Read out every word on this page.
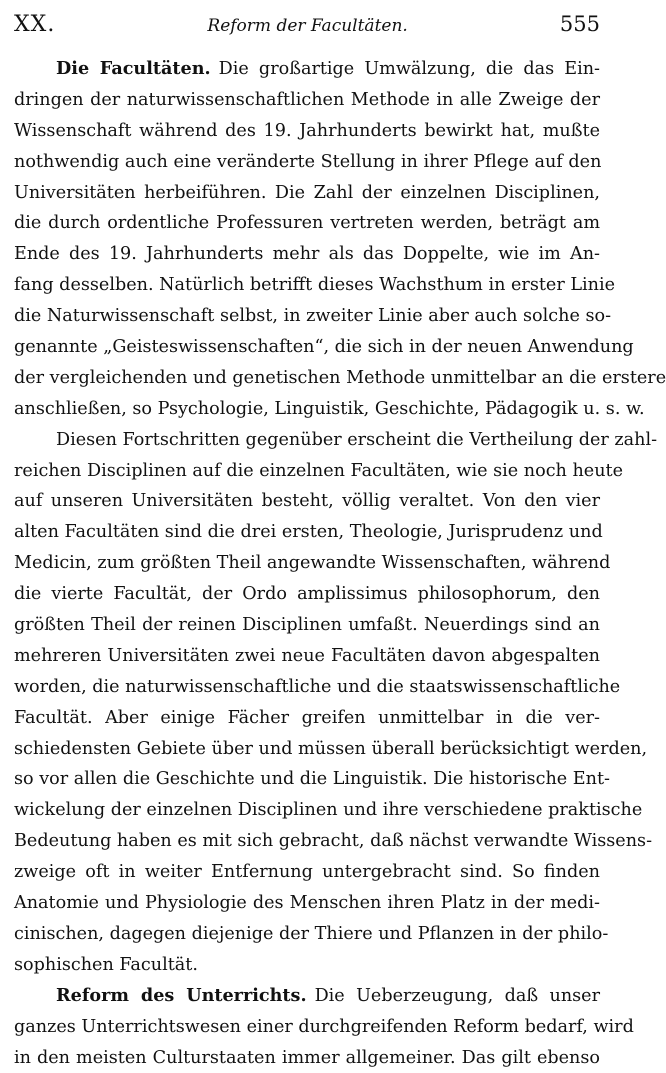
XX.	Reform der Facultäten.	555
Die Facultäten. Die großartige Umwälzung, die das Ein-
dringen der naturwissenschaftlichen Methode in alle Zweige der
Wissenschaft während des 19. Jahrhunderts bewirkt hat, mußte
nothwendig auch eine veränderte Stellung in ihrer Pflege auf den
Universitäten herbeiführen. Die Zahl der einzelnen Disciplinen,
die durch ordentliche Professuren vertreten werden, beträgt am
Ende des 19. Jahrhunderts mehr als das Doppelte, wie im An-
fang desselben. Natürlich betrifft dieses Wachsthum in erster Linie
die Naturwissenschaft selbst, in zweiter Linie aber auch solche so-
genannte „Geisteswissenschaften“, die sich in der neuen Anwendung
der vergleichenden und genetischen Methode unmittelbar an die erstere
anschließen, so Psychologie, Linguistik, Geschichte, Pädagogik u. s. w.
Diesen Fortschritten gegenüber erscheint die Vertheilung der zahl-
reichen Disciplinen auf die einzelnen Facultäten, wie sie noch heute
auf unseren Universitäten besteht, völlig veraltet. Von den vier
alten Facultäten sind die drei ersten, Theologie, Jurisprudenz und
Medicin, zum größten Theil angewandte Wissenschaften, während
die vierte Facultät, der Ordo amplissimus philosophorum, den
größten Theil der reinen Disciplinen umfaßt. Neuerdings sind an
mehreren Universitäten zwei neue Facultäten davon abgespalten
worden, die naturwissenschaftliche und die staatswissenschaftliche
Facultät. Aber einige Fächer greifen unmittelbar in die ver-
schiedensten Gebiete über und müssen überall berücksichtigt werden,
so vor allen die Geschichte und die Linguistik. Die historische Ent-
wickelung der einzelnen Disciplinen und ihre verschiedene praktische
Bedeutung haben es mit sich gebracht, daß nächst verwandte Wissens-
zweige oft in weiter Entfernung untergebracht sind. So finden
Anatomie und Physiologie des Menschen ihren Platz in der medi-
cinischen, dagegen diejenige der Thiere und Pflanzen in der philo-
sophischen Facultät.
Reform des Unterrichts. Die Ueberzeugung, daß unser
ganzes Unterrichtswesen einer durchgreifenden Reform bedarf, wird
in den meisten Culturstaaten immer allgemeiner. Das gilt ebenso
